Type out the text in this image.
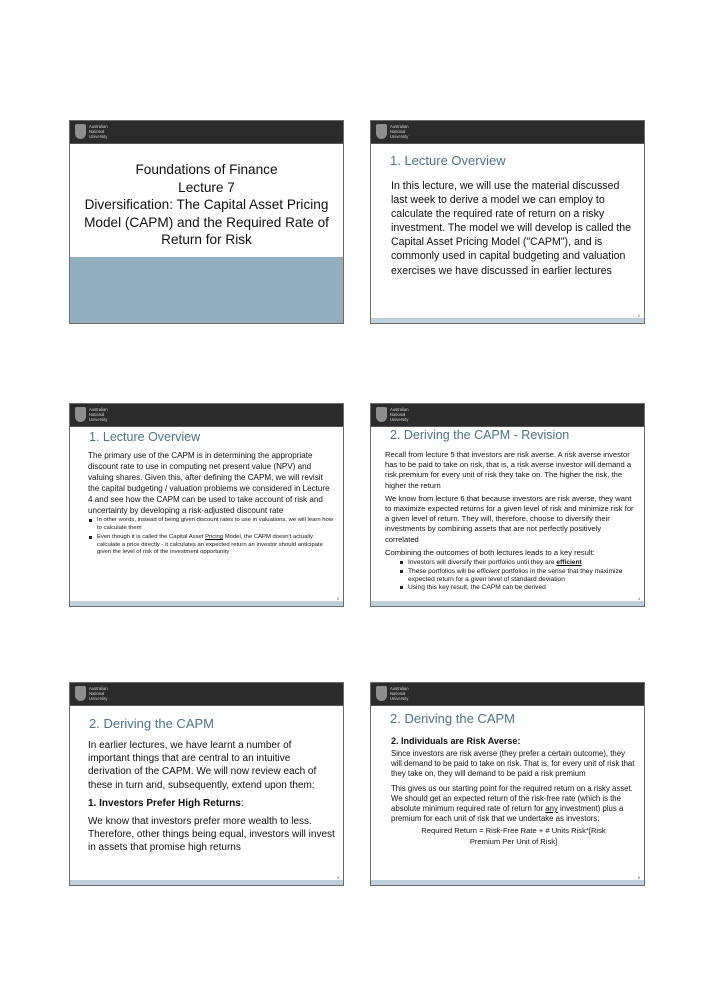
Australian
National
University
Foundations of Finance
Lecture 7
Diversification: The Capital Asset Pricing
Model (CAPM) and the Required Rate of
Return for Risk
Australian
National
University
1. Lecture Overview

In this lecture, we will use the material discussed last week to derive a model we can employ to calculate the required rate of return on a risky investment. The model we will develop is called the Capital Asset Pricing Model ("CAPM"), and is commonly used in capital budgeting and valuation exercises we have discussed in earlier lectures

2
Australian
National
University
1. Lecture Overview

The primary use of the CAPM is in determining the appropriate discount rate to use in computing net present value (NPV) and valuing shares. Given this, after defining the CAPM, we will revisit the capital budgeting / valuation problems we considered in Lecture 4 and see how the CAPM can be used to take account of risk and uncertainty by developing a risk-adjusted discount rate

In other words, instead of being given discount rates to use in valuations, we will learn how to calculate them
Even though it is called the Capital Asset Pricing Model, the CAPM doesn't actually calculate a price directly - it calculates an expected return an investor should anticipate given the level of risk of the investment opportunity
3
Australian
National
University
2. Deriving the CAPM - Revision

Recall from lecture 5 that investors are risk averse. A risk averse investor has to be paid to take on risk, that is, a risk averse investor will demand a risk premium for every unit of risk they take on. The higher the risk, the higher the return

We know from lecture 6 that because investors are risk averse, they want to maximize expected returns for a given level of risk and minimize risk for a given level of return. They will, therefore, choose to diversify their investments by combining assets that are not perfectly positively correlated

Combining the outcomes of both lectures leads to a key result:

Investors will diversify their portfolios until they are efficient
These portfolios will be efficient portfolios in the sense that they maximize expected return for a given level of standard deviation
Using this key result, the CAPM can be derived
4
Australian
National
University
2. Deriving the CAPM

In earlier lectures, we have learnt a number of important things that are central to an intuitive derivation of the CAPM. We will now review each of these in turn and, subsequently, extend upon them:

1. Investors Prefer High Returns:

We know that investors prefer more wealth to less. Therefore, other things being equal, investors will invest in assets that promise high returns

5
Australian
National
University
2. Deriving the CAPM

2. Individuals are Risk Averse:

Since investors are risk averse (they prefer a certain outcome), they will demand to be paid to take on risk. That is, for every unit of risk that they take on, they will demand to be paid a risk premium

This gives us our starting point for the required return on a risky asset. We should get an expected return of the risk-free rate (which is the absolute minimum required rate of return for any investment) plus a premium for each unit of risk that we undertake as investors:

Required Return = Risk-Free Rate + # Units Risk*[Risk
Premium Per Unit of Risk]

6
